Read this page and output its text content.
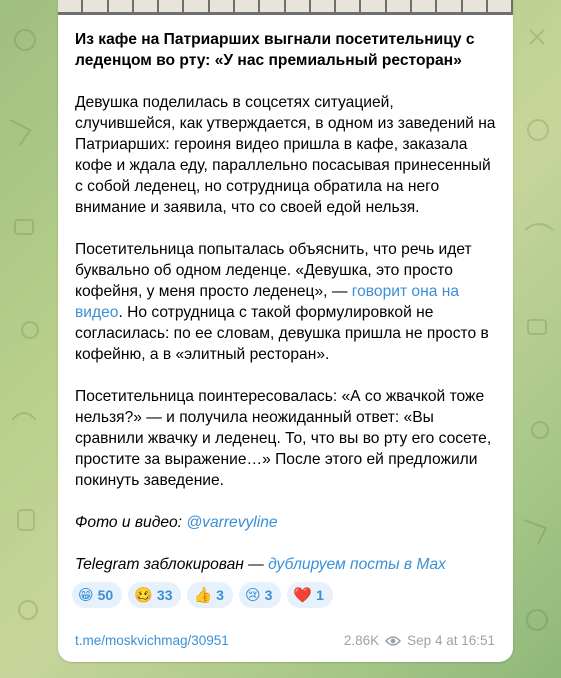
Из кафе на Патриарших выгнали посетительницу с леденцом во рту: «У нас премиальный ресторан»

Девушка поделилась в соцсетях ситуацией, случившейся, как утверждается, в одном из заведений на Патриарших: героиня видео пришла в кафе, заказала кофе и ждала еду, параллельно посасывая принесенный с собой леденец, но сотрудница обратила на него внимание и заявила, что со своей едой нельзя.

Посетительница попыталась объяснить, что речь идет буквально об одном леденце. «Девушка, это просто кофейня, у меня просто леденец», — говорит она на видео. Но сотрудница с такой формулировкой не согласилась: по ее словам, девушка пришла не просто в кофейню, а в «элитный ресторан».

Посетительница поинтересовалась: «А со жвачкой тоже нельзя?» — и получила неожиданный ответ: «Вы сравнили жвачку и леденец. То, что вы во рту его сосете, простите за выражение…» После этого ей предложили покинуть заведение.

Фото и видео: @varrevyline

Telegram заблокирован — дублируем посты в Max

😁 50 🥴 33 👍 3 😢 3 ❤️ 1
t.me/moskvichmag/30951	2.86K Sep 4 at 16:51
